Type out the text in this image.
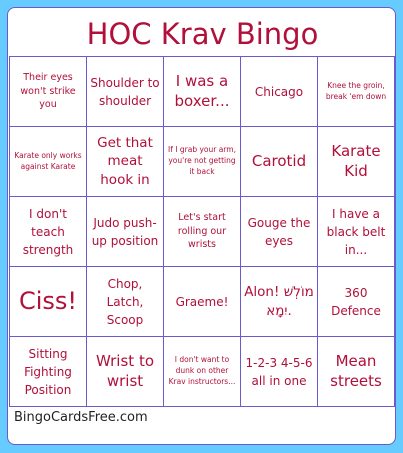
HOC Krav Bingo
Their eyes won't strike you
Shoulder to shoulder
I was a boxer...	Chicago	Knee the groin, break 'em down
Karate only works against Karate
Get that meat hook in
If I grab your arm, you're not getting it back
Carotid
Karate Kid
I don't teach strength
Judo push-up position
Let's start rolling our wrists
Gouge the eyes
I have a black belt in...
Ciss!
Chop, Latch, Scoop
Graeme!
Alon! מוֹלְשׁ יִמָא.
360 Defence
Sitting Fighting Position
Wrist to wrist
I don't want to dunk on other Krav instructors...
1-2-3 4-5-6 all in one
Mean streets
BingoCardsFree.com
